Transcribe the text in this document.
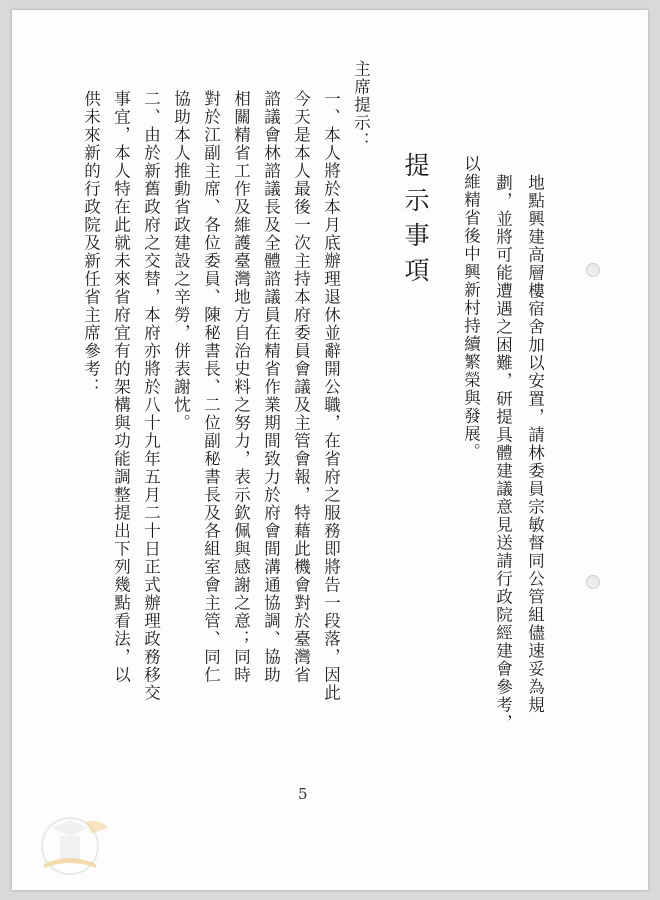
地點興建高層樓宿舍加以安置，請林委員宗敏督同公管組儘速妥為規
劃，並將可能遭遇之困難，研提具體建議意見送請行政院經建會參考，
以維精省後中興新村持續繁榮與發展。
提示事項
主席提示：
一、本人將於本月底辦理退休並辭開公職，在省府之服務即將告一段落，因此
今天是本人最後一次主持本府委員會議及主管會報，特藉此機會對於臺灣省
諮議會林諮議長及全體諮議員在精省作業期間致力於府會間溝通協調、協助
相關精省工作及維護臺灣地方自治史料之努力，表示欽佩與感謝之意；同時
對於江副主席、各位委員、陳秘書長、二位副秘書長及各組室會主管、同仁
協助本人推動省政建設之辛勞，併表謝忱。
二、由於新舊政府之交替，本府亦將於八十九年五月二十日正式辦理政務移交
事宜，本人特在此就未來省府宜有的架構與功能調整提出下列幾點看法，以
供未來新的行政院及新任省主席參考：
5
